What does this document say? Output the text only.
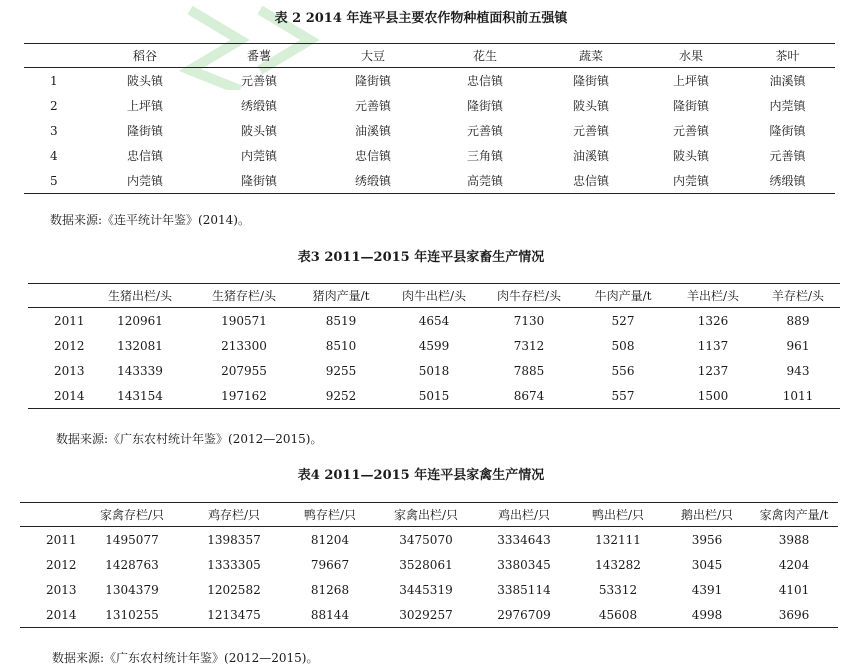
表 2 2014 年连平县主要农作物种植面积前五强镇

	稻谷	番薯	大豆	花生	蔬菜	水果	茶叶
1	陂头镇	元善镇	隆街镇	忠信镇	隆街镇	上坪镇	油溪镇
2	上坪镇	绣缎镇	元善镇	隆街镇	陂头镇	隆街镇	内莞镇
3	隆街镇	陂头镇	油溪镇	元善镇	元善镇	元善镇	隆街镇
4	忠信镇	内莞镇	忠信镇	三角镇	油溪镇	陂头镇	元善镇
5	内莞镇	隆街镇	绣缎镇	高莞镇	忠信镇	内莞镇	绣缎镇
数据来源:《连平统计年鉴》(2014)。

表3 2011—2015 年连平县家畜生产情况

	生猪出栏/头	生猪存栏/头	猪肉产量/t	肉牛出栏/头	肉牛存栏/头	牛肉产量/t	羊出栏/头	羊存栏/头
2011	120961	190571	8519	4654	7130	527	1326	889
2012	132081	213300	8510	4599	7312	508	1137	961
2013	143339	207955	9255	5018	7885	556	1237	943
2014	143154	197162	9252	5015	8674	557	1500	1011
数据来源:《广东农村统计年鉴》(2012—2015)。

表4 2011—2015 年连平县家禽生产情况

	家禽存栏/只	鸡存栏/只	鸭存栏/只	家禽出栏/只	鸡出栏/只	鸭出栏/只	鹅出栏/只	家禽肉产量/t
2011	1495077	1398357	81204	3475070	3334643	132111	3956	3988
2012	1428763	1333305	79667	3528061	3380345	143282	3045	4204
2013	1304379	1202582	81268	3445319	3385114	53312	4391	4101
2014	1310255	1213475	88144	3029257	2976709	45608	4998	3696
数据来源:《广东农村统计年鉴》(2012—2015)。
